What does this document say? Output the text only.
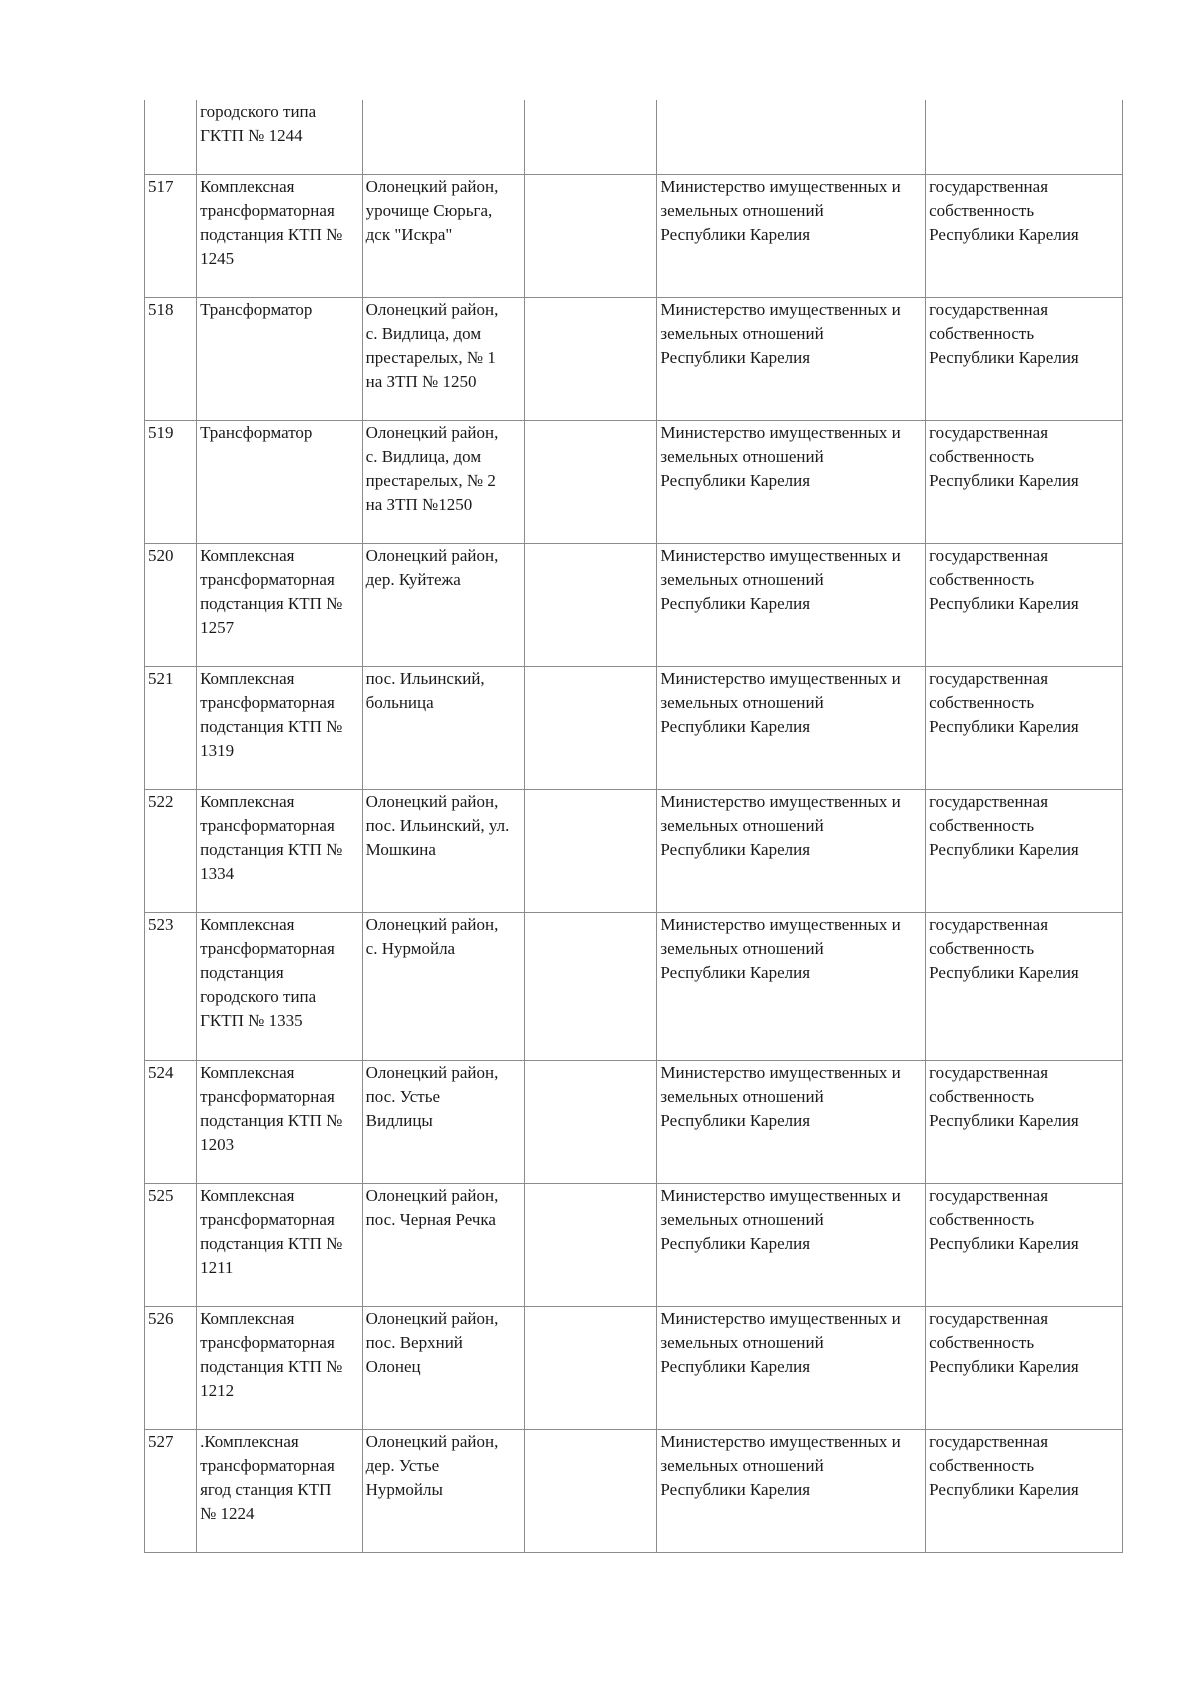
	городского типа
ГКТП № 1244				

517	Комплексная
трансформаторная
подстанция КТП №
1245	Олонецкий район,
урочище Сюрьга,
дск "Искра"		Министерство имущественных и
земельных отношений
Республики Карелия	государственная
собственность
Республики Карелия

518	Трансформатор	Олонецкий район,
с. Видлица, дом
престарелых, № 1
на ЗТП № 1250		Министерство имущественных и
земельных отношений
Республики Карелия	государственная
собственность
Республики Карелия

519	Трансформатор	Олонецкий район,
с. Видлица, дом
престарелых, № 2
на ЗТП №1250		Министерство имущественных и
земельных отношений
Республики Карелия	государственная
собственность
Республики Карелия

520	Комплексная
трансформаторная
подстанция КТП №
1257	Олонецкий район,
дер. Куйтежа		Министерство имущественных и
земельных отношений
Республики Карелия	государственная
собственность
Республики Карелия

521	Комплексная
трансформаторная
подстанция КТП №
1319	пос. Ильинский,
больница		Министерство имущественных и
земельных отношений
Республики Карелия	государственная
собственность
Республики Карелия

522	Комплексная
трансформаторная
подстанция КТП №
1334	Олонецкий район,
пос. Ильинский, ул.
Мошкина		Министерство имущественных и
земельных отношений
Республики Карелия	государственная
собственность
Республики Карелия

523	Комплексная
трансформаторная
подстанция
городского типа
ГКТП № 1335	Олонецкий район,
с. Нурмойла		Министерство имущественных и
земельных отношений
Республики Карелия	государственная
собственность
Республики Карелия

524	Комплексная
трансформаторная
подстанция КТП №
1203	Олонецкий район,
пос. Устье
Видлицы		Министерство имущественных и
земельных отношений
Республики Карелия	государственная
собственность
Республики Карелия

525	Комплексная
трансформаторная
подстанция КТП №
1211	Олонецкий район,
пос. Черная Речка		Министерство имущественных и
земельных отношений
Республики Карелия	государственная
собственность
Республики Карелия

526	Комплексная
трансформаторная
подстанция КТП №
1212	Олонецкий район,
пос. Верхний
Олонец		Министерство имущественных и
земельных отношений
Республики Карелия	государственная
собственность
Республики Карелия

527	.Комплексная
трансформаторная
ягод станция КТП
№ 1224	Олонецкий район,
дер. Устье
Нурмойлы		Министерство имущественных и
земельных отношений
Республики Карелия	государственная
собственность
Республики Карелия
